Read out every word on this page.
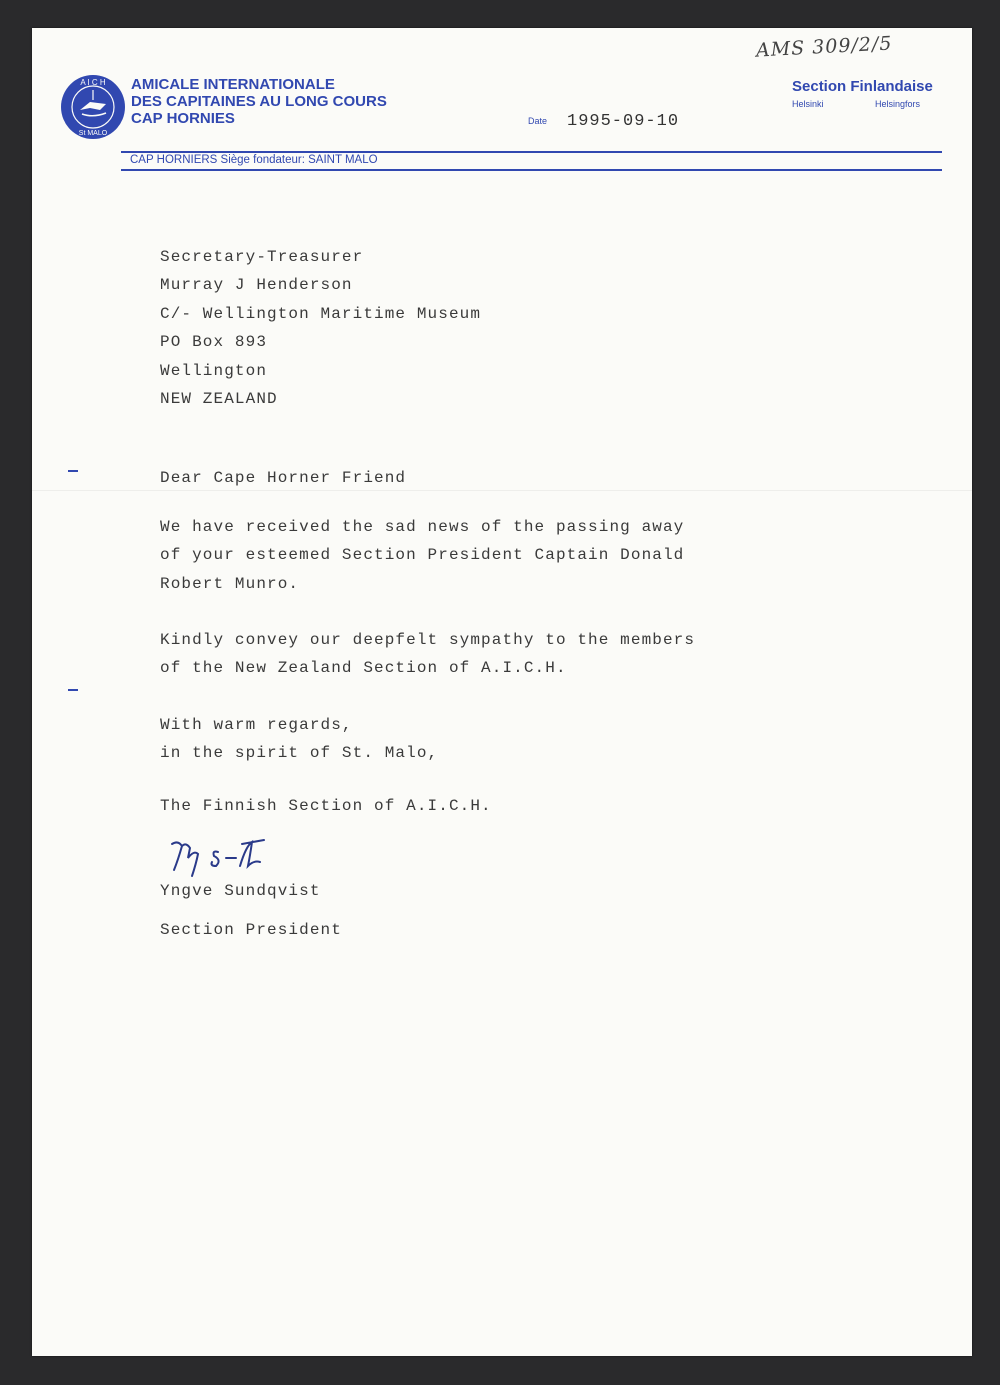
A I C H
St MALO
AMICALE INTERNATIONALE
DES CAPITAINES AU LONG COURS
CAP HORNIES
AMS 309/2/5
Section Finlandaise
Helsinki	Helsingfors
Date 1995-09-10
CAP HORNIERS Siège fondateur: SAINT MALO
Secretary-Treasurer
Murray J Henderson
C/- Wellington Maritime Museum
PO Box 893
Wellington
NEW ZEALAND
Dear Cape Horner Friend
We have received the sad news of the passing away
of your esteemed Section President Captain Donald
Robert Munro.
Kindly convey our deepfelt sympathy to the members
of the New Zealand Section of A.I.C.H.
With warm regards,
in the spirit of St. Malo,
The Finnish Section of A.I.C.H.
Yngve Sundqvist
Section President
